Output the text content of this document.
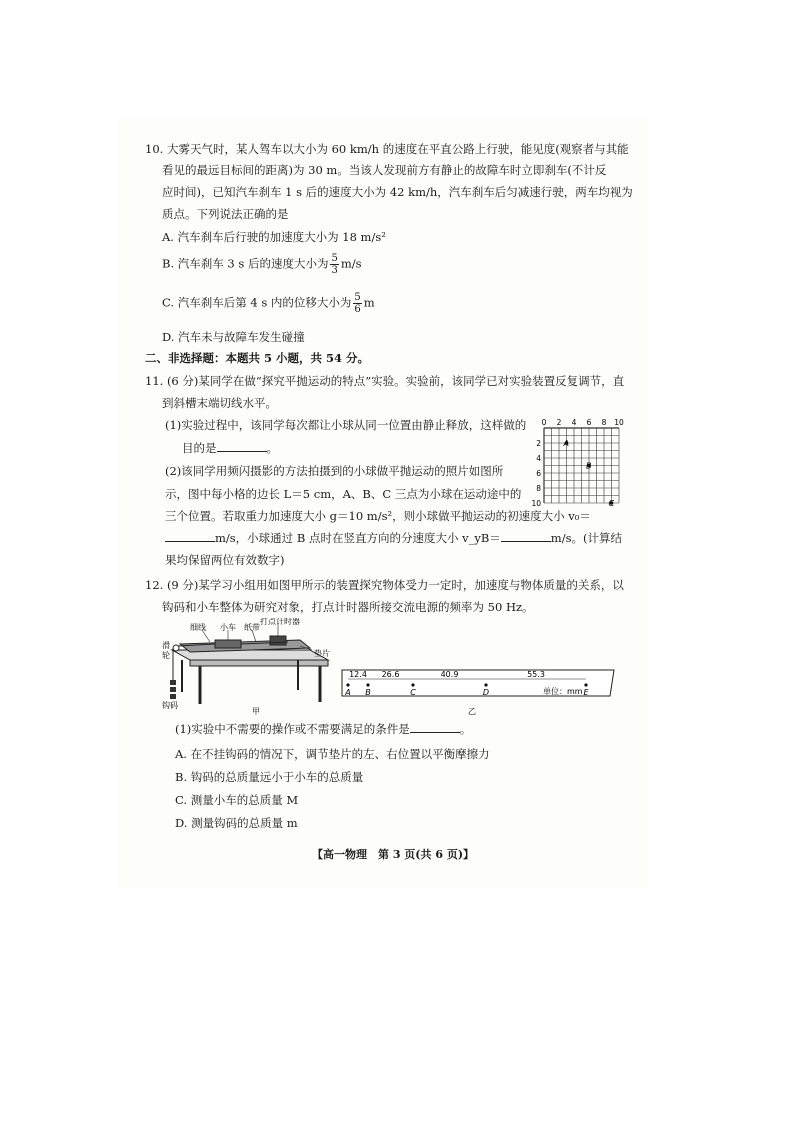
10. 大雾天气时，某人驾车以大小为 60 km/h 的速度在平直公路上行驶，能见度(观察者与其能
看见的最远目标间的距离)为 30 m。当该人发现前方有静止的故障车时立即刹车(不计反
应时间)，已知汽车刹车 1 s 后的速度大小为 42 km/h，汽车刹车后匀减速行驶，两车均视为
质点。下列说法正确的是
A. 汽车刹车后行驶的加速度大小为 18 m/s²
B. 汽车刹车 3 s 后的速度大小为 $\frac{5}{3} m/s$
C. 汽车刹车后第 4 s 内的位移大小为 $\frac{5}{6}$ m
D. 汽车未与故障车发生碰撞
二、非选择题：本题共 5 小题，共 54 分。
11. (6 分)某同学在做“探究平抛运动的特点”实验。实验前，该同学已对实验装置反复调节，直
到斜槽末端切线水平。
(1)实验过程中，该同学每次都让小球从同一位置由静止释放，这样做的
目的是	。
(2)该同学用频闪摄影的方法拍摄到的小球做平抛运动的照片如图所
示，图中每小格的边长 L＝5 cm，A、B、C 三点为小球在运动途中的
三个位置。若取重力加速度大小 g＝10 m/s²，则小球做平抛运动的初速度大小 v₀＝
m/s，小球通过 B 点时在竖直方向的分速度大小 v_yB＝	m/s。(计算结
果均保留两位有效数字)
0 2 4 6 8 10
2
4
6
8
10
A
B
C
12. (9 分)某学习小组用如图甲所示的装置探究物体受力一定时，加速度与物体质量的关系，以
钩码和小车整体为研究对象，打点计时器所接交流电源的频率为 50 Hz。
细线 小车 纸带
打点计时器
垫片
滑
轮
钩码
甲
12.4 26.6	40.9	55.3
A B	C	D	E
单位：mm
乙
(1)实验中不需要的操作或不需要满足的条件是	。
A. 在不挂钩码的情况下，调节垫片的左、右位置以平衡摩擦力
B. 钩码的总质量远小于小车的总质量
C. 测量小车的总质量 M
D. 测量钩码的总质量 m
【高一物理　第 3 页(共 6 页)】
